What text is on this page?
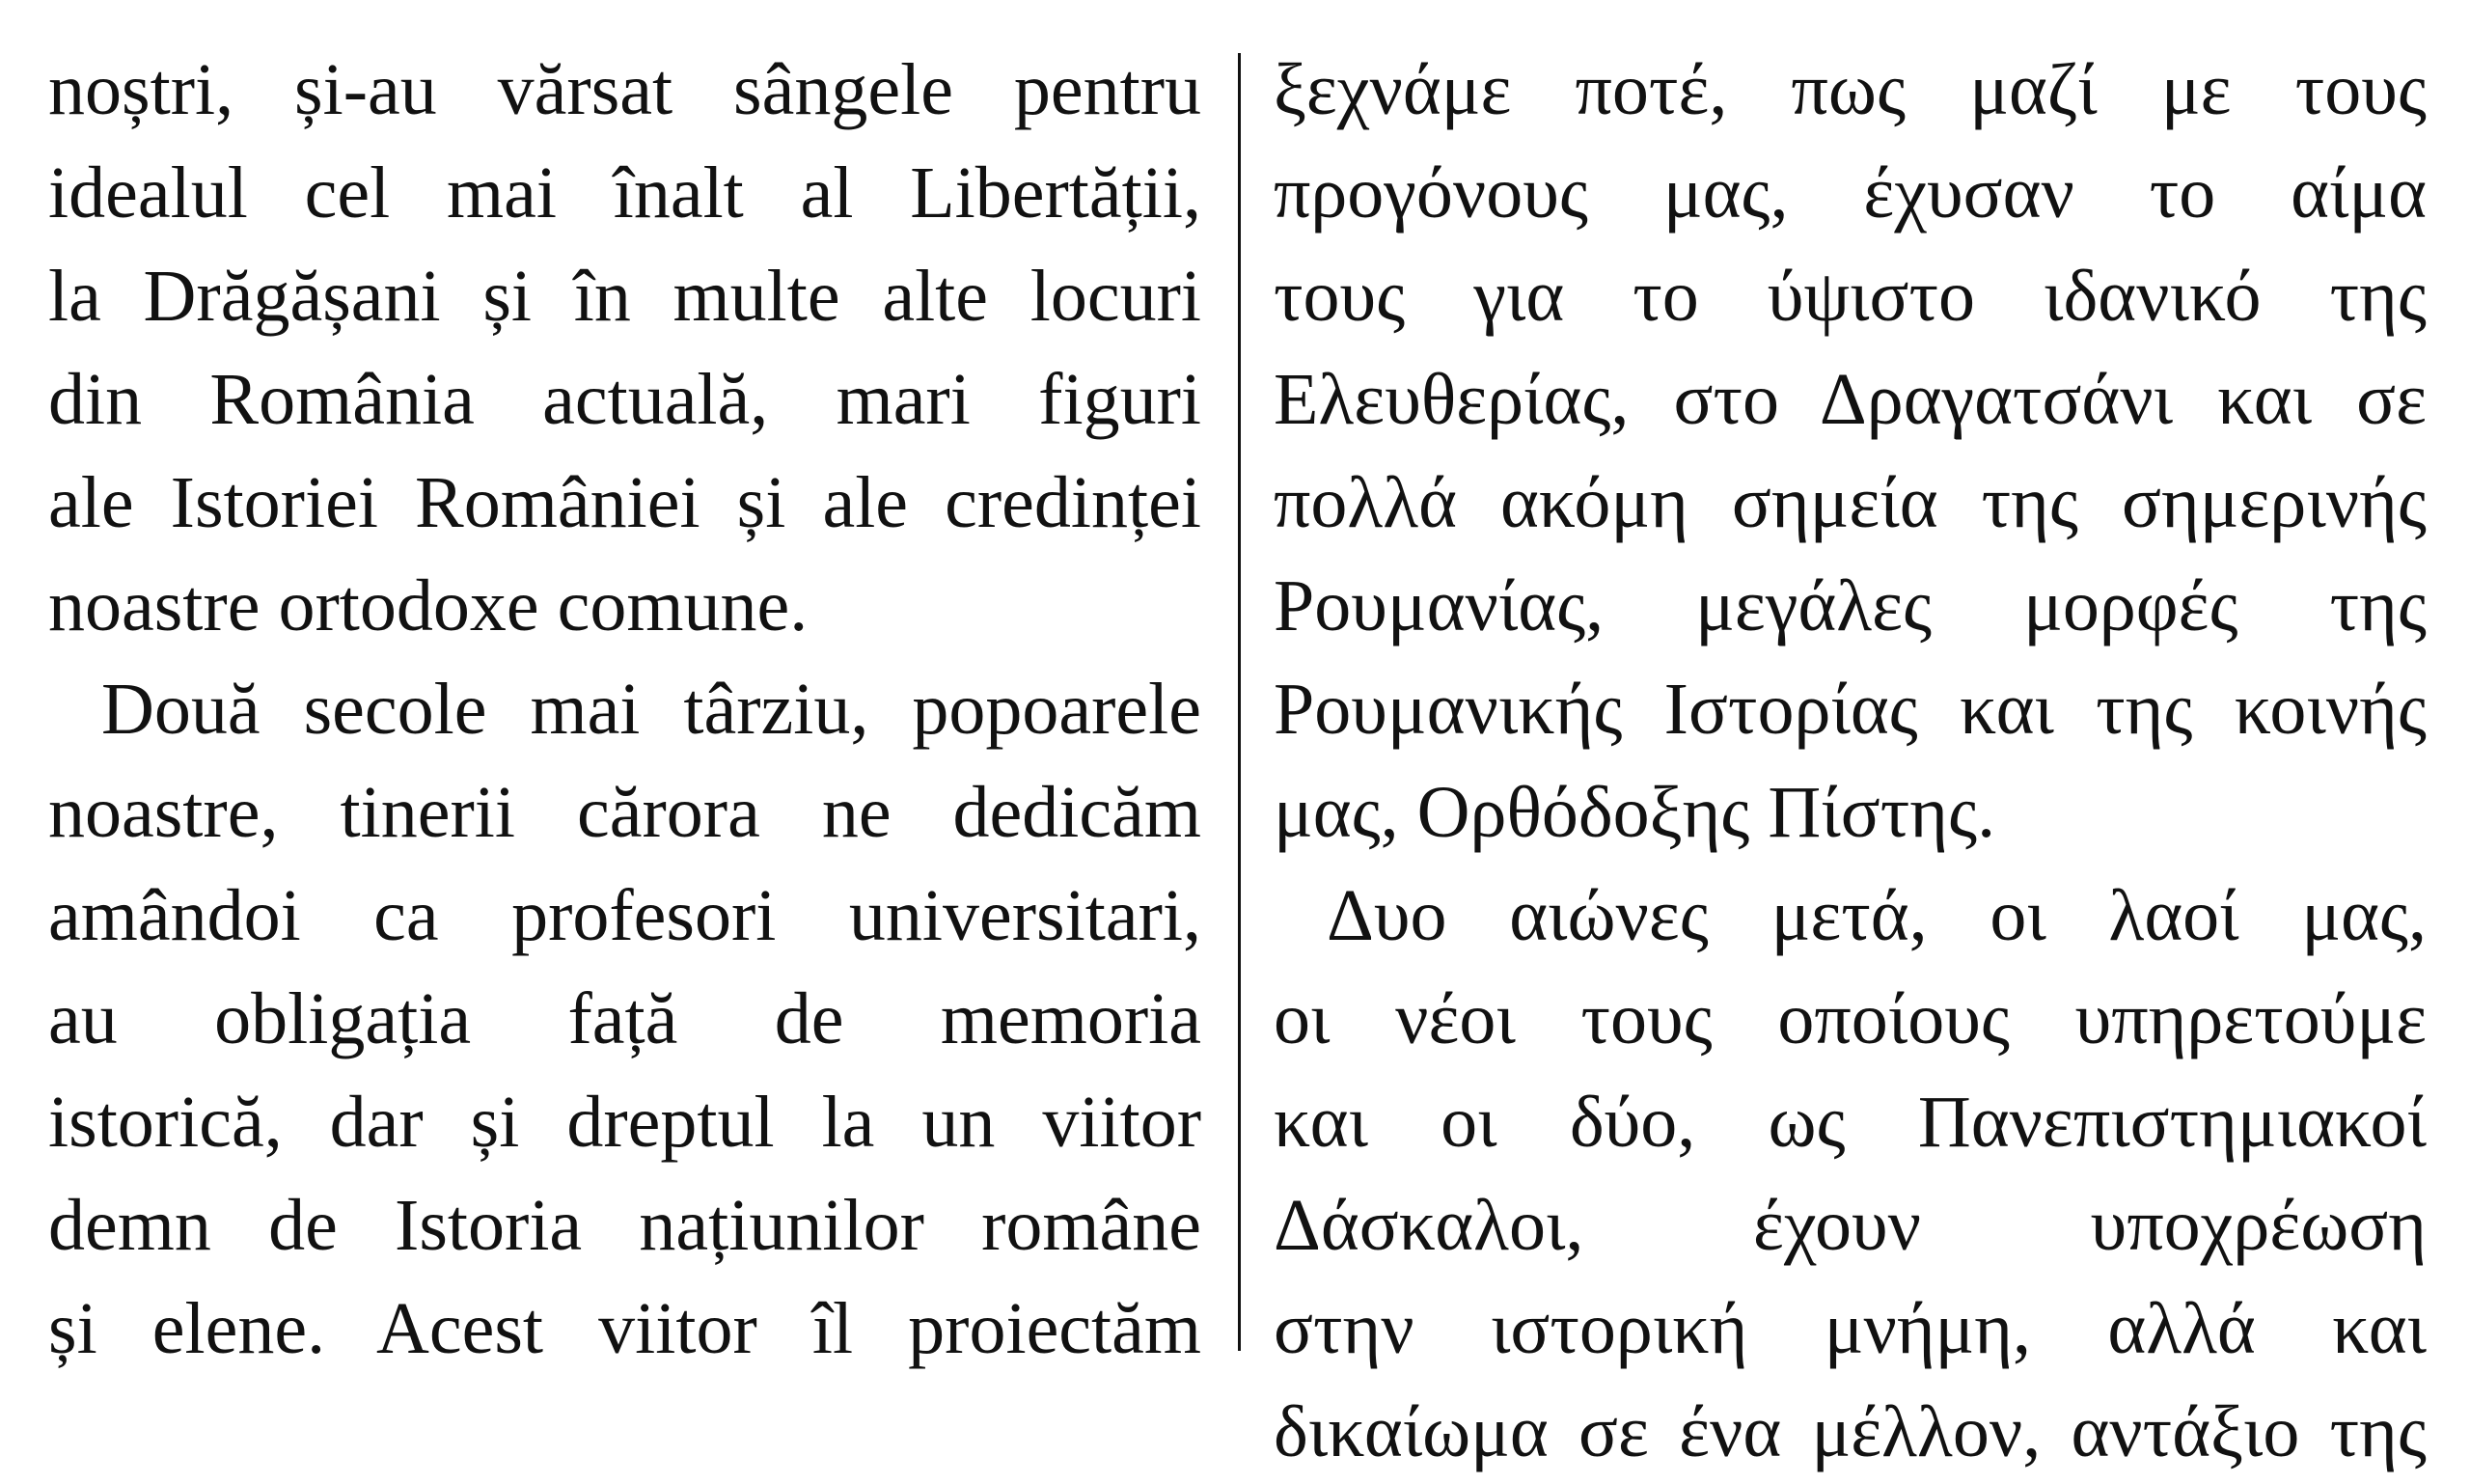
noștri, și-au vărsat sângele pentru
idealul cel mai înalt al Libertății,
la Drăgășani și în multe alte locuri
din România actuală, mari figuri
ale Istoriei României și ale credinței
noastre ortodoxe comune.
Două secole mai târziu, popoarele
noastre, tinerii cărora ne dedicăm
amândoi ca profesori universitari,
au obligația față de memoria
istorică, dar și dreptul la un viitor
demn de Istoria națiunilor române
și elene. Acest viitor îl proiectăm
ξεχνάμε ποτέ, πως μαζί με τους
προγόνους μας, έχυσαν το αίμα
τους για το ύψιστο ιδανικό της
Ελευθερίας, στο Δραγατσάνι και σε
πολλά ακόμη σημεία της σημερινής
Ρουμανίας, μεγάλες μορφές της
Ρουμανικής Ιστορίας και της κοινής
μας, Ορθόδοξης Πίστης.
Δυο αιώνες μετά, οι λαοί μας,
οι νέοι τους οποίους υπηρετούμε
και οι δύο, ως Πανεπιστημιακοί
Δάσκαλοι, έχουν υποχρέωση
στην ιστορική μνήμη, αλλά και
δικαίωμα σε ένα μέλλον, αντάξιο της
